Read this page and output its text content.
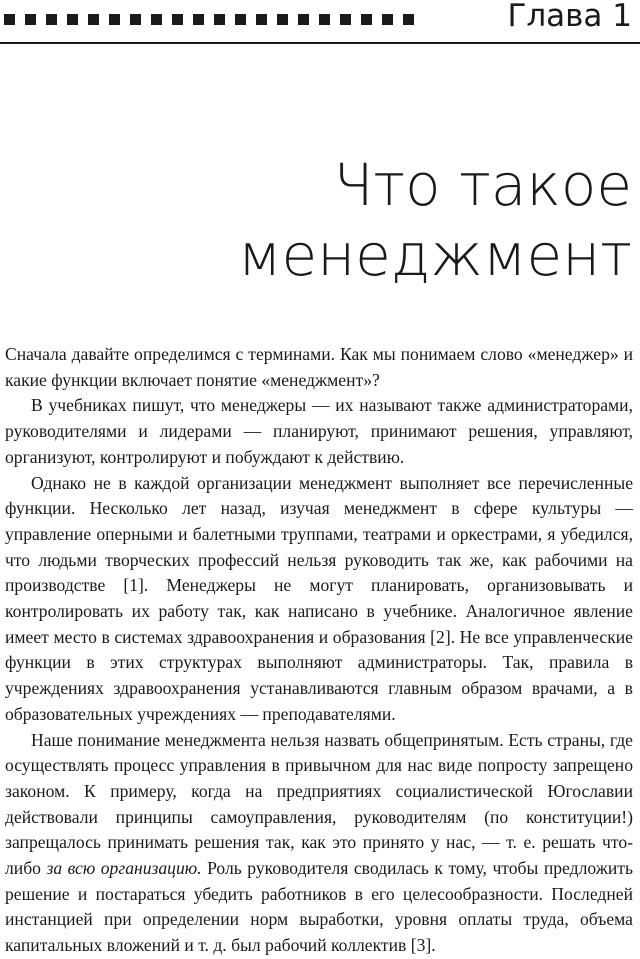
Глава 1
Что такое
менеджмент

Сначала давайте определимся с терминами. Как мы понимаем слово «менеджер» и какие функции включает понятие «менеджмент»?

В учебниках пишут, что менеджеры — их называют также администраторами, руководителями и лидерами — планируют, принимают решения, управляют, организуют, контролируют и побуждают к действию.

Однако не в каждой организации менеджмент выполняет все перечисленные функции. Несколько лет назад, изучая менеджмент в сфере культуры — управление оперными и балетными труппами, театрами и оркестрами, я убедился, что людьми творческих профессий нельзя руководить так же, как рабочими на производстве [1]. Менеджеры не могут планировать, организовывать и контролировать их работу так, как написано в учебнике. Аналогичное явление имеет место в системах здравоохранения и образования [2]. Не все управленческие функции в этих структурах выполняют администраторы. Так, правила в учреждениях здравоохранения устанавливаются главным образом врачами, а в образовательных учреждениях — преподавателями.

Наше понимание менеджмента нельзя назвать общепринятым. Есть страны, где осуществлять процесс управления в привычном для нас виде попросту запрещено законом. К примеру, когда на предприятиях социалистической Югославии действовали принципы самоуправления, руководителям (по конституции!) запрещалось принимать решения так, как это принято у нас, — т. е. решать что-либо за всю организацию. Роль руководителя сводилась к тому, чтобы предложить решение и постараться убедить работников в его целесообразности. Последней инстанцией при определении норм выработки, уровня оплаты труда, объема капитальных вложений и т. д. был рабочий коллектив [3].
